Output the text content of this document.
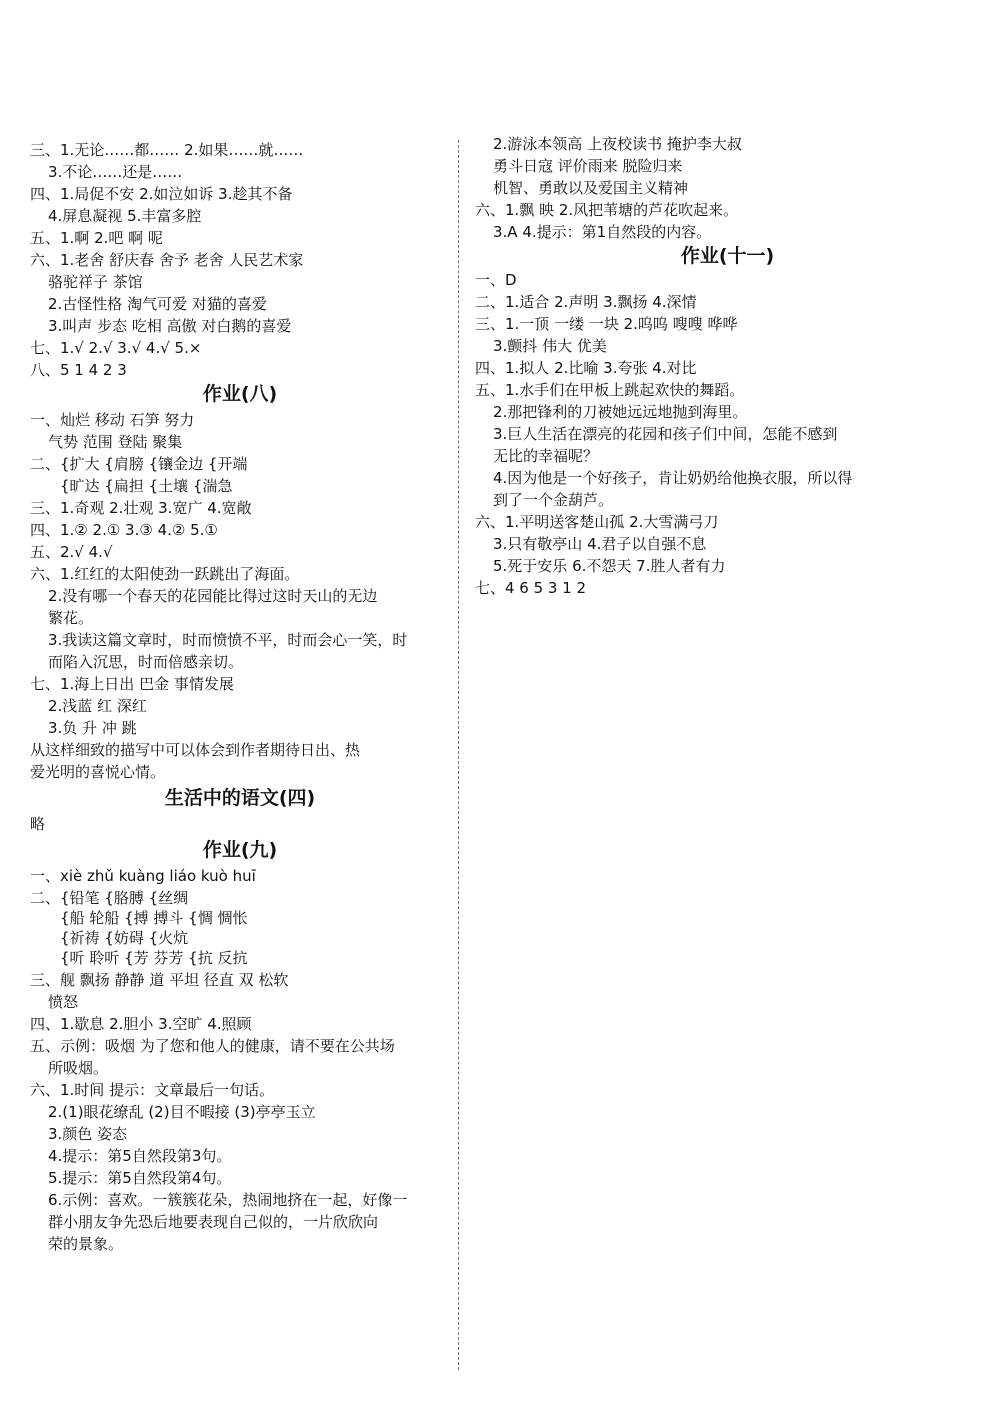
三、1.无论……都…… 2.如果……就……
3.不论……还是……
四、1.局促不安 2.如泣如诉 3.趁其不备
4.屏息凝视 5.丰富多腔
五、1.啊 2.吧 啊 呢
六、1.老舍 舒庆春 舍予 老舍 人民艺术家
骆驼祥子 茶馆
2.古怪性格 淘气可爱 对猫的喜爱
3.叫声 步态 吃相 高傲 对白鹅的喜爱
七、1.√ 2.√ 3.√ 4.√ 5.×
八、5 1 4 2 3
作业(八)
一、灿烂 移动 石笋 努力
气势 范围 登陆 聚集
二、{扩大 {肩膀 {镶金边 {开端
{旷达 {扁担 {土壤 {湍急
三、1.奇观 2.壮观 3.宽广 4.宽敞
四、1.② 2.① 3.③ 4.② 5.①
五、2.√ 4.√
六、1.红红的太阳使劲一跃跳出了海面。
2.没有哪一个春天的花园能比得过这时天山的无边
繁花。
3.我读这篇文章时，时而愤愤不平，时而会心一笑，时
而陷入沉思，时而倍感亲切。
七、1.海上日出 巴金 事情发展
2.浅蓝 红 深红
3.负 升 冲 跳
从这样细致的描写中可以体会到作者期待日出、热
爱光明的喜悦心情。
生活中的语文(四)
略
作业(九)
一、xiè zhǔ kuàng liáo kuò huī
二、{铅笔 {胳膊 {丝绸
{船 轮船 {搏 搏斗 {惆 惆怅
{祈祷 {妨碍 {火炕
{听 聆听 {芳 芬芳 {抗 反抗
三、舰 飘扬 静静 道 平坦 径直 双 松软
愤怒
四、1.歇息 2.胆小 3.空旷 4.照顾
五、示例：吸烟 为了您和他人的健康，请不要在公共场
所吸烟。
六、1.时间 提示：文章最后一句话。
2.(1)眼花缭乱 (2)目不暇接 (3)亭亭玉立
3.颜色 姿态
4.提示：第5自然段第3句。
5.提示：第5自然段第4句。
6.示例：喜欢。一簇簇花朵，热闹地挤在一起，好像一
群小朋友争先恐后地要表现自己似的，一片欣欣向
荣的景象。
2.游泳本领高 上夜校读书 掩护李大叔
勇斗日寇 评价雨来 脱险归来
机智、勇敢以及爱国主义精神
六、1.飘 映 2.风把苇塘的芦花吹起来。
3.A 4.提示：第1自然段的内容。
作业(十一)
一、D
二、1.适合 2.声明 3.飘扬 4.深情
三、1.一顶 一缕 一块 2.呜呜 嗖嗖 哗哗
3.颤抖 伟大 优美
四、1.拟人 2.比喻 3.夸张 4.对比
五、1.水手们在甲板上跳起欢快的舞蹈。
2.那把锋利的刀被她远远地抛到海里。
3.巨人生活在漂亮的花园和孩子们中间，怎能不感到
无比的幸福呢？
4.因为他是一个好孩子，肯让奶奶给他换衣服，所以得
到了一个金葫芦。
六、1.平明送客楚山孤 2.大雪满弓刀
3.只有敬亭山 4.君子以自强不息
5.死于安乐 6.不怨天 7.胜人者有力
七、4 6 5 3 1 2
